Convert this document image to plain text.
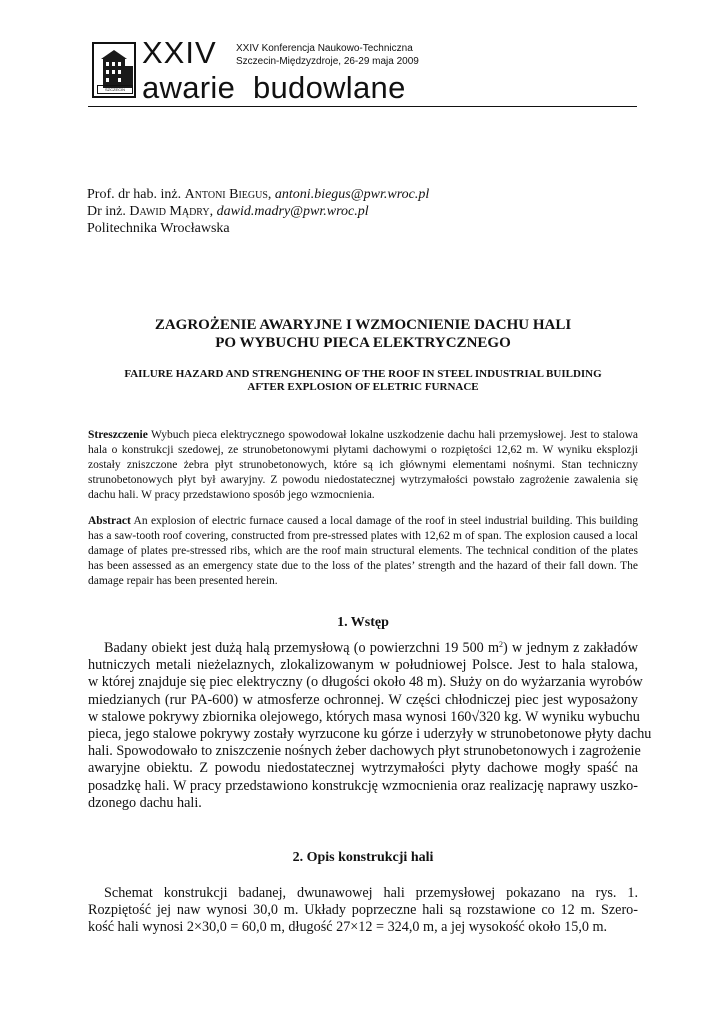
SZCZECIN
XXIV XXIV Konferencja Naukowo-Techniczna
Szczecin-Międzyzdroje, 26-29 maja 2009
awarie  budowlane
Prof. dr hab. inż. Antoni Biegus, antoni.biegus@pwr.wroc.pl
Dr inż. Dawid Mądry, dawid.madry@pwr.wroc.pl
Politechnika Wrocławska
ZAGROŻENIE AWARYJNE I WZMOCNIENIE DACHU HALI
PO WYBUCHU PIECA ELEKTRYCZNEGO
FAILURE HAZARD AND STRENGHENING OF THE ROOF IN STEEL INDUSTRIAL BUILDING
AFTER EXPLOSION OF ELETRIC FURNACE
Streszczenie Wybuch pieca elektrycznego spowodował lokalne uszkodzenie dachu hali przemysłowej. Jest to stalowa hala o konstrukcji szedowej, ze strunobetonowymi płytami dachowymi o rozpiętości 12,62 m. W wyniku eksplozji zostały zniszczone żebra płyt strunobetonowych, które są ich głównymi elementami nośnymi. Stan techniczny strunobetonowych płyt był awaryjny. Z powodu niedostatecznej wytrzymałości powstało zagrożenie zawalenia się dachu hali. W pracy przedstawiono sposób jego wzmocnienia.
Abstract An explosion of electric furnace caused a local damage of the roof in steel industrial building. This building has a saw-tooth roof covering, constructed from pre-stressed plates with 12,62 m of span. The explosion caused a local damage of plates pre-stressed ribs, which are the roof main structural elements. The technical condition of the plates has been assessed as an emergency state due to the loss of the plates’ strength and the hazard of their fall down. The damage repair has been presented herein.
1. Wstęp
Badany obiekt jest dużą halą przemysłową (o powierzchni 19 500 $m^2$) w jednym z zakładów
hutniczych metali nieżelaznych, zlokalizowanym w południowej Polsce. Jest to hala stalowa,
w której znajduje się piec elektryczny (o długości około 48 m). Służy on do wyżarzania wyrobów
miedzianych (rur PA-600) w atmosferze ochronnej. W części chłodniczej piec jest wyposażony
w stalowe pokrywy zbiornika olejowego, których masa wynosi 160√320 kg. W wyniku wybuchu
pieca, jego stalowe pokrywy zostały wyrzucone ku górze i uderzyły w strunobetonowe płyty dachu
hali. Spowodowało to zniszczenie nośnych żeber dachowych płyt strunobetonowych i zagrożenie
awaryjne obiektu. Z powodu niedostatecznej wytrzymałości płyty dachowe mogły spaść na
posadzkę hali. W pracy przedstawiono konstrukcję wzmocnienia oraz realizację naprawy uszko-
dzonego dachu hali.
2. Opis konstrukcji hali
Schemat konstrukcji badanej, dwunawowej hali przemysłowej pokazano na rys. 1.
Rozpiętość jej naw wynosi 30,0 m. Układy poprzeczne hali są rozstawione co 12 m. Szero-
kość hali wynosi 2×30,0 = 60,0 m, długość 27×12 = 324,0 m, a jej wysokość około 15,0 m.
